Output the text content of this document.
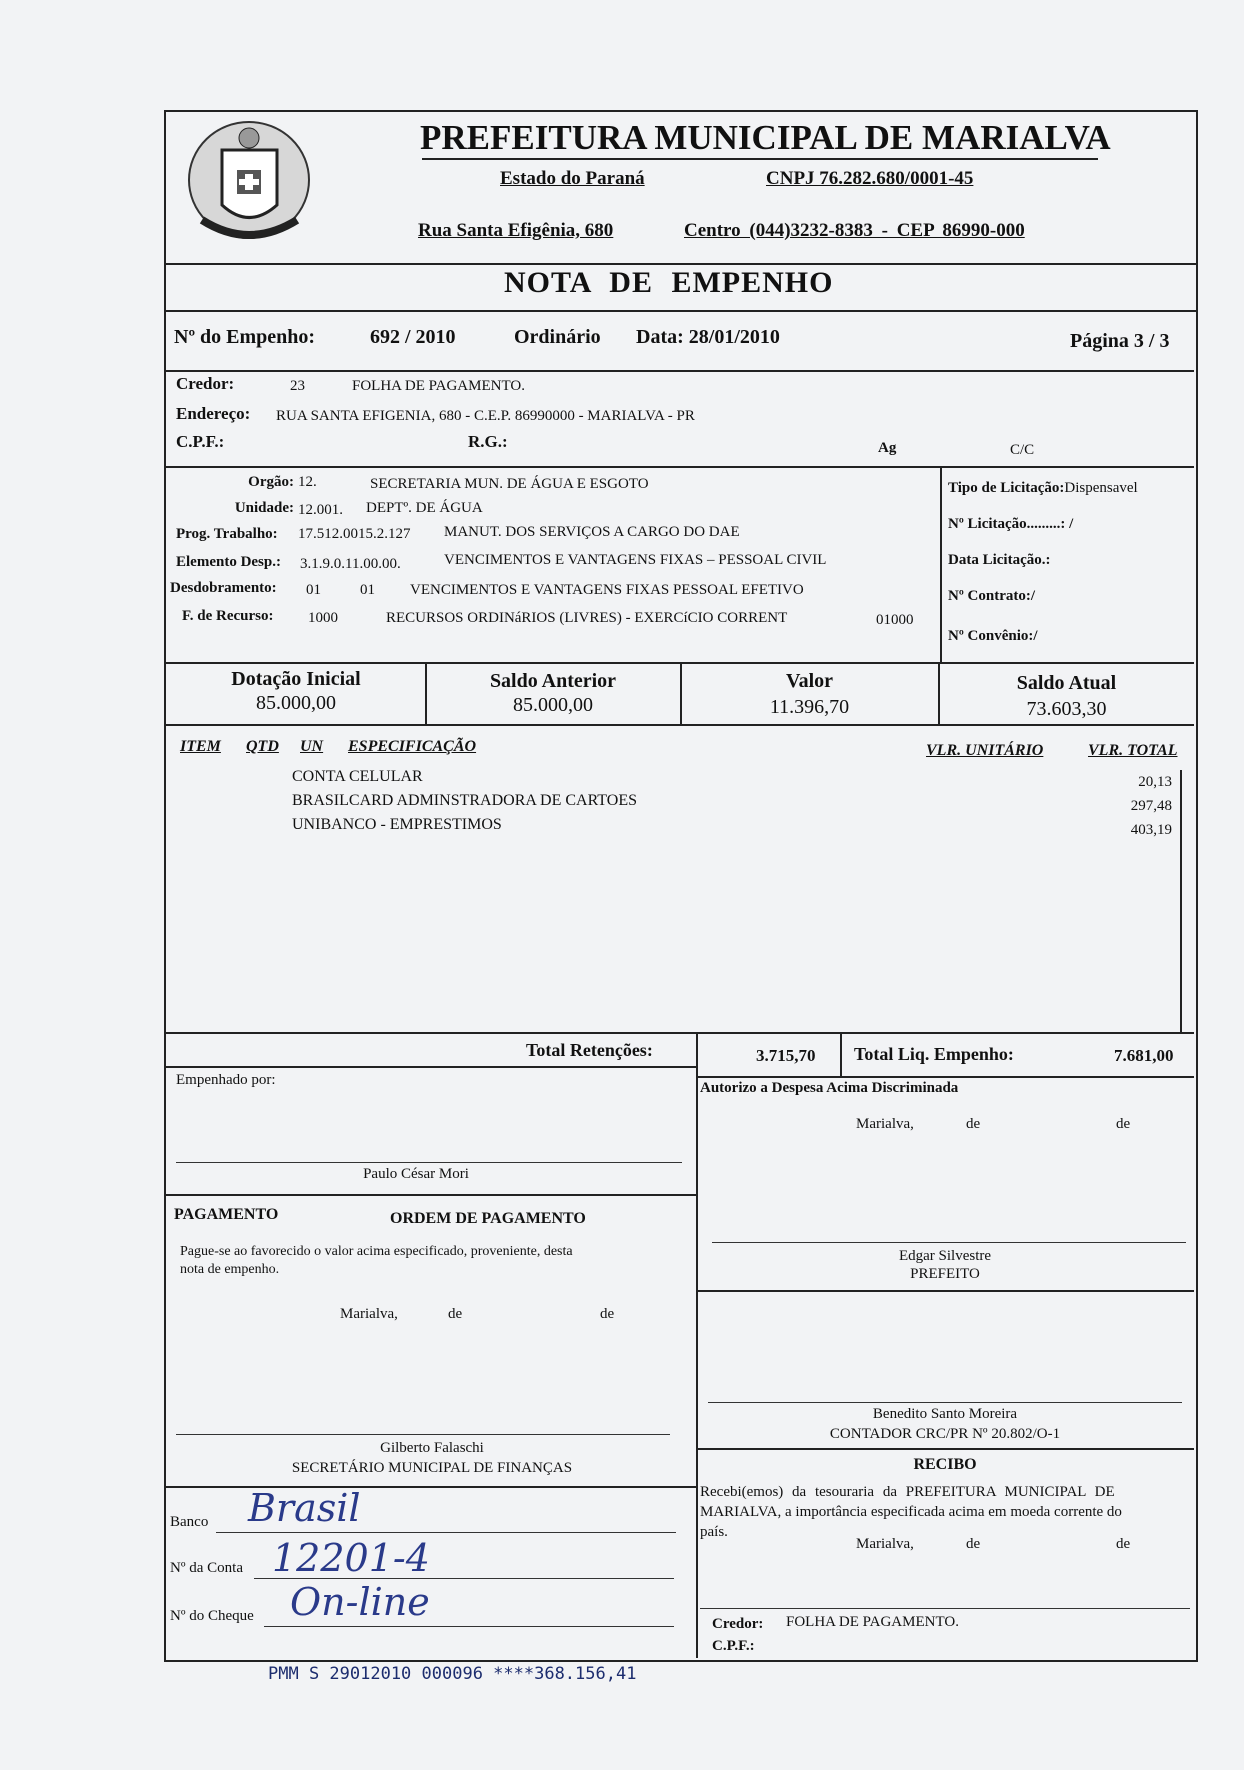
PREFEITURA MUNICIPAL DE MARIALVA
Estado do Paraná	CNPJ 76.282.680/0001-45
Rua Santa Efigênia, 680	Centro (044)3232-8383 - CEP 86990-000
NOTA DE EMPENHO
Nº do Empenho:	692 / 2010	Ordinário Data: 28/01/2010	Página 3 / 3
Credor:	23	FOLHA DE PAGAMENTO.
Endereço: RUA SANTA EFIGENIA, 680 - C.E.P. 86990000 - MARIALVA - PR
C.P.F.:	R.G.:	Ag	C/C
Orgão: 12.	SECRETARIA MUN. DE ÁGUA E ESGOTO
Unidade: 12.001. DEPTº. DE ÁGUA
Prog. Trabalho: 17.512.0015.2.127 MANUT. DOS SERVIÇOS A CARGO DO DAE
Elemento Desp.: 3.1.9.0.11.00.00.	VENCIMENTOS E VANTAGENS FIXAS – PESSOAL CIVIL
Desdobramento: 01	01 VENCIMENTOS E VANTAGENS FIXAS PESSOAL EFETIVO
F. de Recurso: 1000	RECURSOS ORDINáRIOS (LIVRES) - EXERCíCIO CORRENT	01000
Tipo de Licitação:Dispensavel
Nº Licitação.........: /
Data Licitação.:
Nº Contrato:/
Nº Convênio:/
Dotação Inicial
85.000,00
Saldo Anterior
85.000,00
Valor
11.396,70
Saldo Atual
73.603,30
ITEM QTD UN ESPECIFICAÇÃO	VLR. UNITÁRIO	VLR. TOTAL
CONTA CELULAR	20,13
BRASILCARD ADMINSTRADORA DE CARTOES	297,48
UNIBANCO - EMPRESTIMOS	403,19
Total Retenções:	3.715,70 Total Liq. Empenho:	7.681,00
Empenhado por:
Paulo César Mori
Autorizo a Despesa Acima Discriminada
Marialva,	de	de
Edgar Silvestre
PREFEITO
PAGAMENTO	ORDEM DE PAGAMENTO
Pague-se ao favorecido o valor acima especificado, proveniente, desta
nota de empenho.
Marialva,	de	de
Gilberto Falaschi
SECRETÁRIO MUNICIPAL DE FINANÇAS
Benedito Santo Moreira
CONTADOR CRC/PR Nº 20.802/O-1
RECIBO
Recebi(emos) da tesouraria da PREFEITURA MUNICIPAL DE
MARIALVA, a importância especificada acima em moeda corrente do
país.
Marialva,	de	de
Credor: FOLHA DE PAGAMENTO.
C.P.F.:
Banco Brasil
Nº da Conta 12201-4
Nº do Cheque On-line
PMM S 29012010 000096 ****368.156,41
